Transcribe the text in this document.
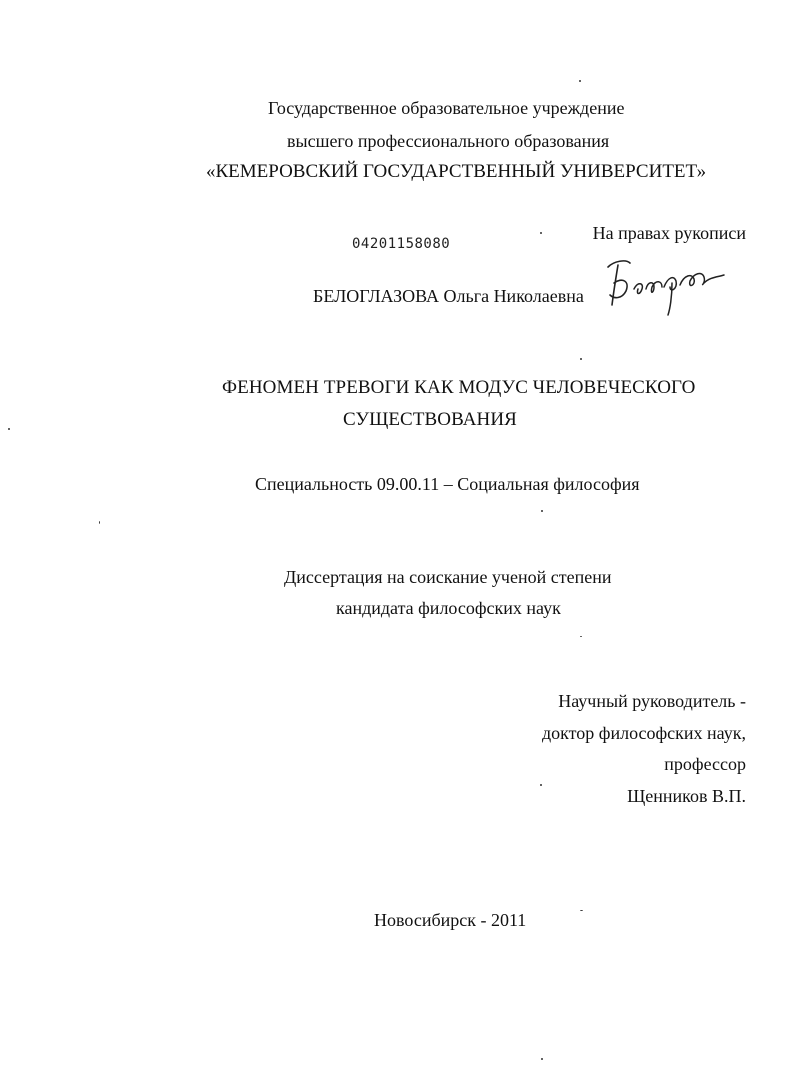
Государственное образовательное учреждение
высшего профессионального образования
«КЕМЕРОВСКИЙ ГОСУДАРСТВЕННЫЙ УНИВЕРСИТЕТ»
На правах рукописи
04201158080
БЕЛОГЛАЗОВА Ольга Николаевна
ФЕНОМЕН ТРЕВОГИ КАК МОДУС ЧЕЛОВЕЧЕСКОГО
СУЩЕСТВОВАНИЯ
Специальность 09.00.11 – Социальная философия
Диссертация на соискание ученой степени
кандидата философских наук
Научный руководитель -
доктор философских наук,
профессор
Щенников В.П.
Новосибирск - 2011
